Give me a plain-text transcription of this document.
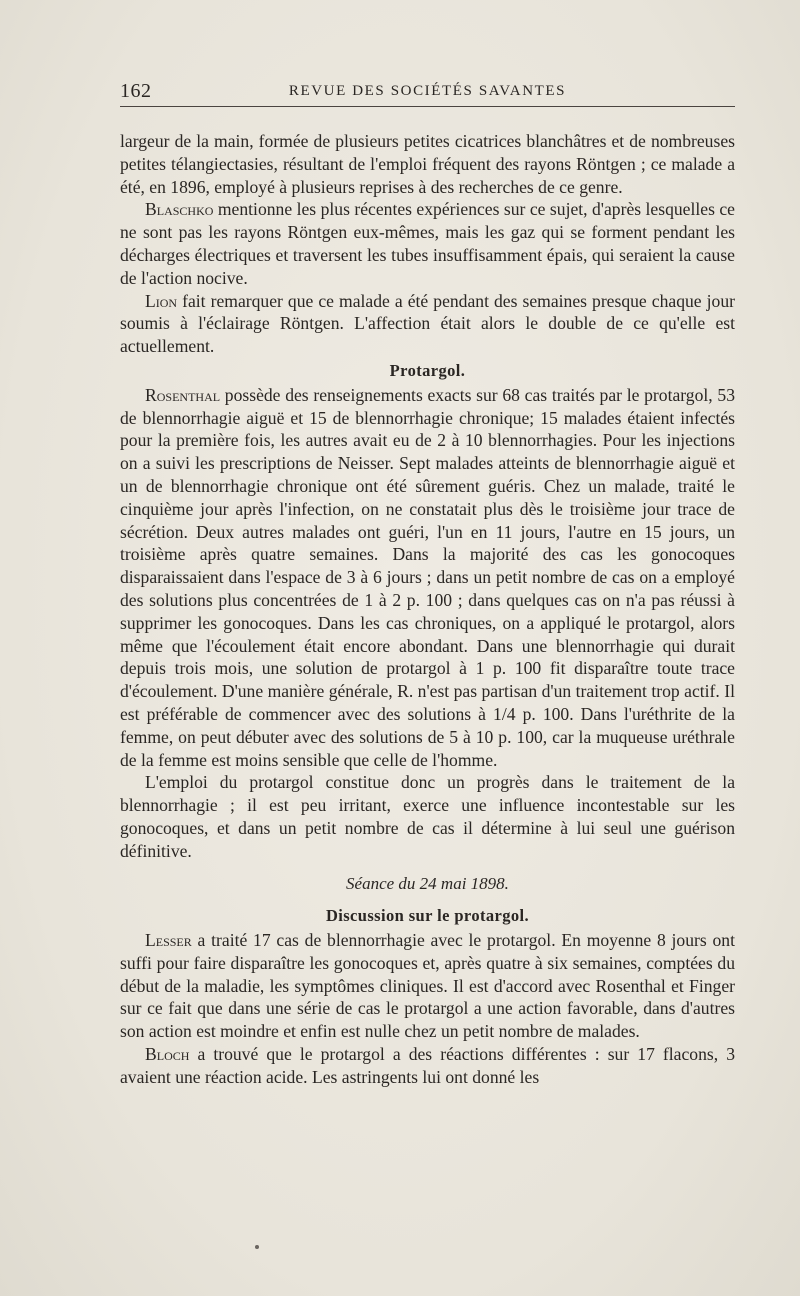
162	REVUE DES SOCIÉTÉS SAVANTES

largeur de la main, formée de plusieurs petites cicatrices blanchâtres et de nombreuses petites télangiectasies, résultant de l'emploi fréquent des rayons Röntgen ; ce malade a été, en 1896, employé à plusieurs reprises à des recherches de ce genre.

Blaschko mentionne les plus récentes expériences sur ce sujet, d'après lesquelles ce ne sont pas les rayons Röntgen eux-mêmes, mais les gaz qui se forment pendant les décharges électriques et traversent les tubes insuffisamment épais, qui seraient la cause de l'action nocive.

Lion fait remarquer que ce malade a été pendant des semaines presque chaque jour soumis à l'éclairage Röntgen. L'affection était alors le double de ce qu'elle est actuellement.

Protargol.

Rosenthal possède des renseignements exacts sur 68 cas traités par le protargol, 53 de blennorrhagie aiguë et 15 de blennorrhagie chronique; 15 malades étaient infectés pour la première fois, les autres avait eu de 2 à 10 blennorrhagies. Pour les injections on a suivi les prescriptions de Neisser. Sept malades atteints de blennorrhagie aiguë et un de blennorrhagie chronique ont été sûrement guéris. Chez un malade, traité le cinquième jour après l'infection, on ne constatait plus dès le troisième jour trace de sécrétion. Deux autres malades ont guéri, l'un en 11 jours, l'autre en 15 jours, un troisième après quatre semaines. Dans la majorité des cas les gonocoques disparaissaient dans l'espace de 3 à 6 jours ; dans un petit nombre de cas on a employé des solutions plus concentrées de 1 à 2 p. 100 ; dans quelques cas on n'a pas réussi à supprimer les gonocoques. Dans les cas chroniques, on a appliqué le protargol, alors même que l'écoulement était encore abondant. Dans une blennorrhagie qui durait depuis trois mois, une solution de protargol à 1 p. 100 fit disparaître toute trace d'écoulement. D'une manière générale, R. n'est pas partisan d'un traitement trop actif. Il est préférable de commencer avec des solutions à 1/4 p. 100. Dans l'uréthrite de la femme, on peut débuter avec des solutions de 5 à 10 p. 100, car la muqueuse uréthrale de la femme est moins sensible que celle de l'homme.

L'emploi du protargol constitue donc un progrès dans le traitement de la blennorrhagie ; il est peu irritant, exerce une influence incontestable sur les gonocoques, et dans un petit nombre de cas il détermine à lui seul une guérison définitive.

Séance du 24 mai 1898.
Discussion sur le protargol.

Lesser a traité 17 cas de blennorrhagie avec le protargol. En moyenne 8 jours ont suffi pour faire disparaître les gonocoques et, après quatre à six semaines, comptées du début de la maladie, les symptômes cliniques. Il est d'accord avec Rosenthal et Finger sur ce fait que dans une série de cas le protargol a une action favorable, dans d'autres son action est moindre et enfin est nulle chez un petit nombre de malades.

Bloch a trouvé que le protargol a des réactions différentes : sur 17 flacons, 3 avaient une réaction acide. Les astringents lui ont donné les
